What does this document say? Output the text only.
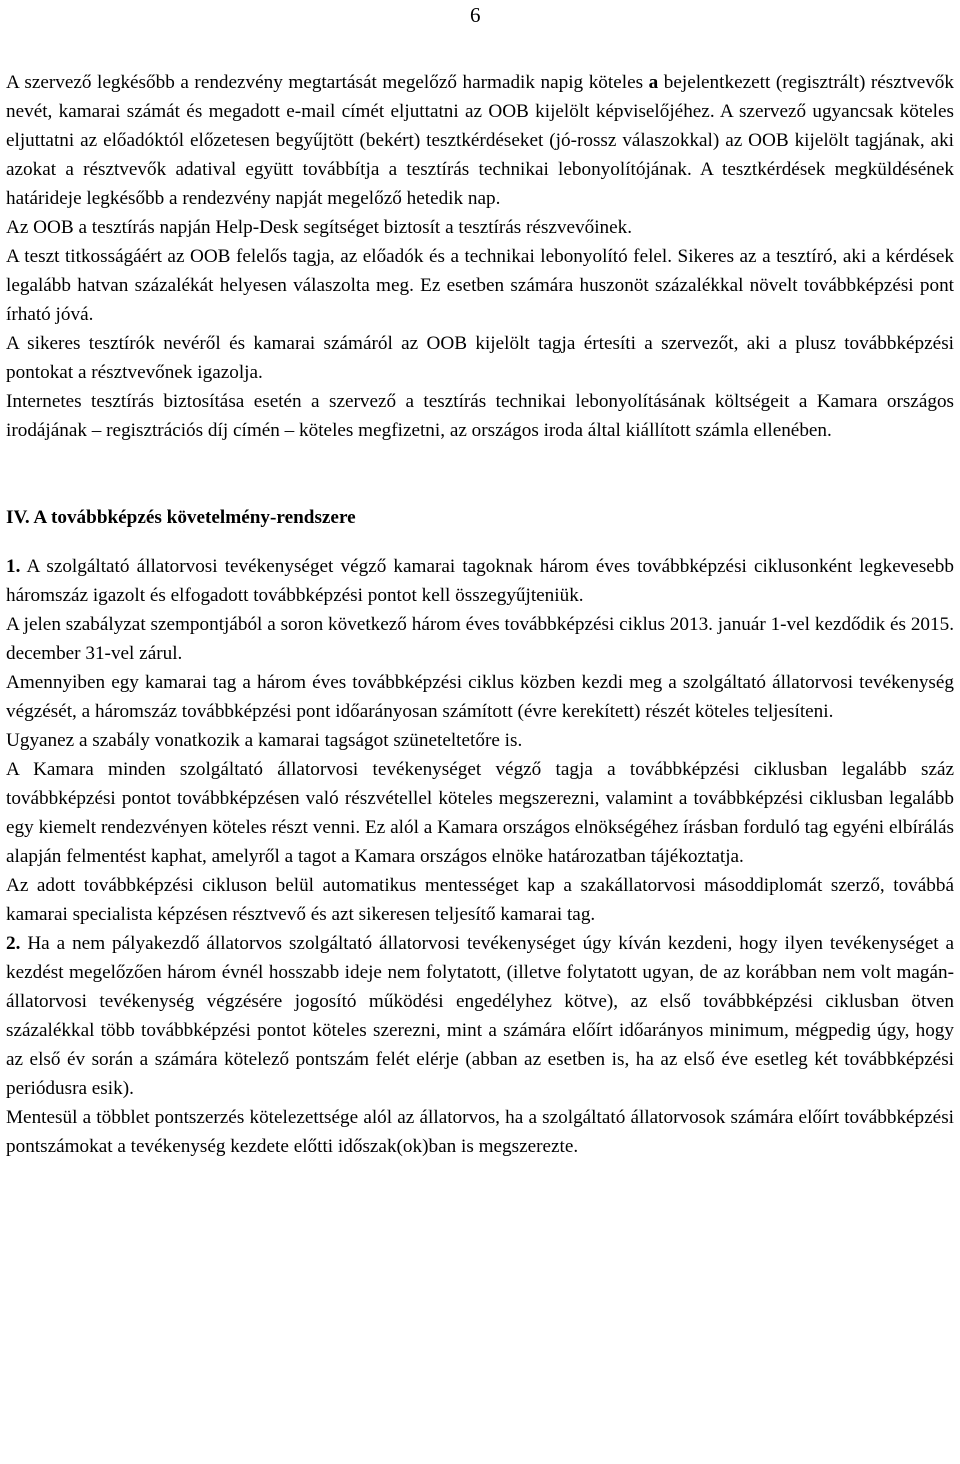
6

A szervező legkésőbb a rendezvény megtartását megelőző harmadik napig köteles a bejelentkezett (regisztrált) résztvevők nevét, kamarai számát és megadott e-mail címét eljuttatni az OOB kijelölt képviselőjéhez. A szervező ugyancsak köteles eljuttatni az előadóktól előzetesen begyűjtött (bekért) tesztkérdéseket (jó-rossz válaszokkal) az OOB kijelölt tagjának, aki azokat a résztvevők adatival együtt továbbítja a tesztírás technikai lebonyolítójának. A tesztkérdések megküldésének határideje legkésőbb a rendezvény napját megelőző hetedik nap.

Az OOB a tesztírás napján Help-Desk segítséget biztosít a tesztírás részvevőinek.

A teszt titkosságáért az OOB felelős tagja, az előadók és a technikai lebonyolító felel. Sikeres az a tesztíró, aki a kérdések legalább hatvan százalékát helyesen válaszolta meg. Ez esetben számára huszonöt százalékkal növelt továbbképzési pont írható jóvá.

A sikeres tesztírók nevéről és kamarai számáról az OOB kijelölt tagja értesíti a szervezőt, aki a plusz továbbképzési pontokat a résztvevőnek igazolja.

Internetes tesztírás biztosítása esetén a szervező a tesztírás technikai lebonyolításának költségeit a Kamara országos irodájának – regisztrációs díj címén – köteles megfizetni, az országos iroda által kiállított számla ellenében.

IV. A továbbképzés követelmény-rendszere

1. A szolgáltató állatorvosi tevékenységet végző kamarai tagoknak három éves továbbképzési ciklusonként legkevesebb háromszáz igazolt és elfogadott továbbképzési pontot kell összegyűjteniük.

A jelen szabályzat szempontjából a soron következő három éves továbbképzési ciklus 2013. január 1-vel kezdődik és 2015. december 31-vel zárul.

Amennyiben egy kamarai tag a három éves továbbképzési ciklus közben kezdi meg a szolgáltató állatorvosi tevékenység végzését, a háromszáz továbbképzési pont időarányosan számított (évre kerekített) részét köteles teljesíteni.

Ugyanez a szabály vonatkozik a kamarai tagságot szüneteltetőre is.

A Kamara minden szolgáltató állatorvosi tevékenységet végző tagja a továbbképzési ciklusban legalább száz továbbképzési pontot továbbképzésen való részvétellel köteles megszerezni, valamint a továbbképzési ciklusban legalább egy kiemelt rendezvényen köteles részt venni. Ez alól a Kamara országos elnökségéhez írásban forduló tag egyéni elbírálás alapján felmentést kaphat, amelyről a tagot a Kamara országos elnöke határozatban tájékoztatja.

Az adott továbbképzési cikluson belül automatikus mentességet kap a szakállatorvosi másoddiplomát szerző, továbbá kamarai specialista képzésen résztvevő és azt sikeresen teljesítő kamarai tag.

2. Ha a nem pályakezdő állatorvos szolgáltató állatorvosi tevékenységet úgy kíván kezdeni, hogy ilyen tevékenységet a kezdést megelőzően három évnél hosszabb ideje nem folytatott, (illetve folytatott ugyan, de az korábban nem volt magán-állatorvosi tevékenység végzésére jogosító működési engedélyhez kötve), az első továbbképzési ciklusban ötven százalékkal több továbbképzési pontot köteles szerezni, mint a számára előírt időarányos minimum, mégpedig úgy, hogy az első év során a számára kötelező pontszám felét elérje (abban az esetben is, ha az első éve esetleg két továbbképzési periódusra esik).

Mentesül a többlet pontszerzés kötelezettsége alól az állatorvos, ha a szolgáltató állatorvosok számára előírt továbbképzési pontszámokat a tevékenység kezdete előtti időszak(ok)ban is megszerezte.
